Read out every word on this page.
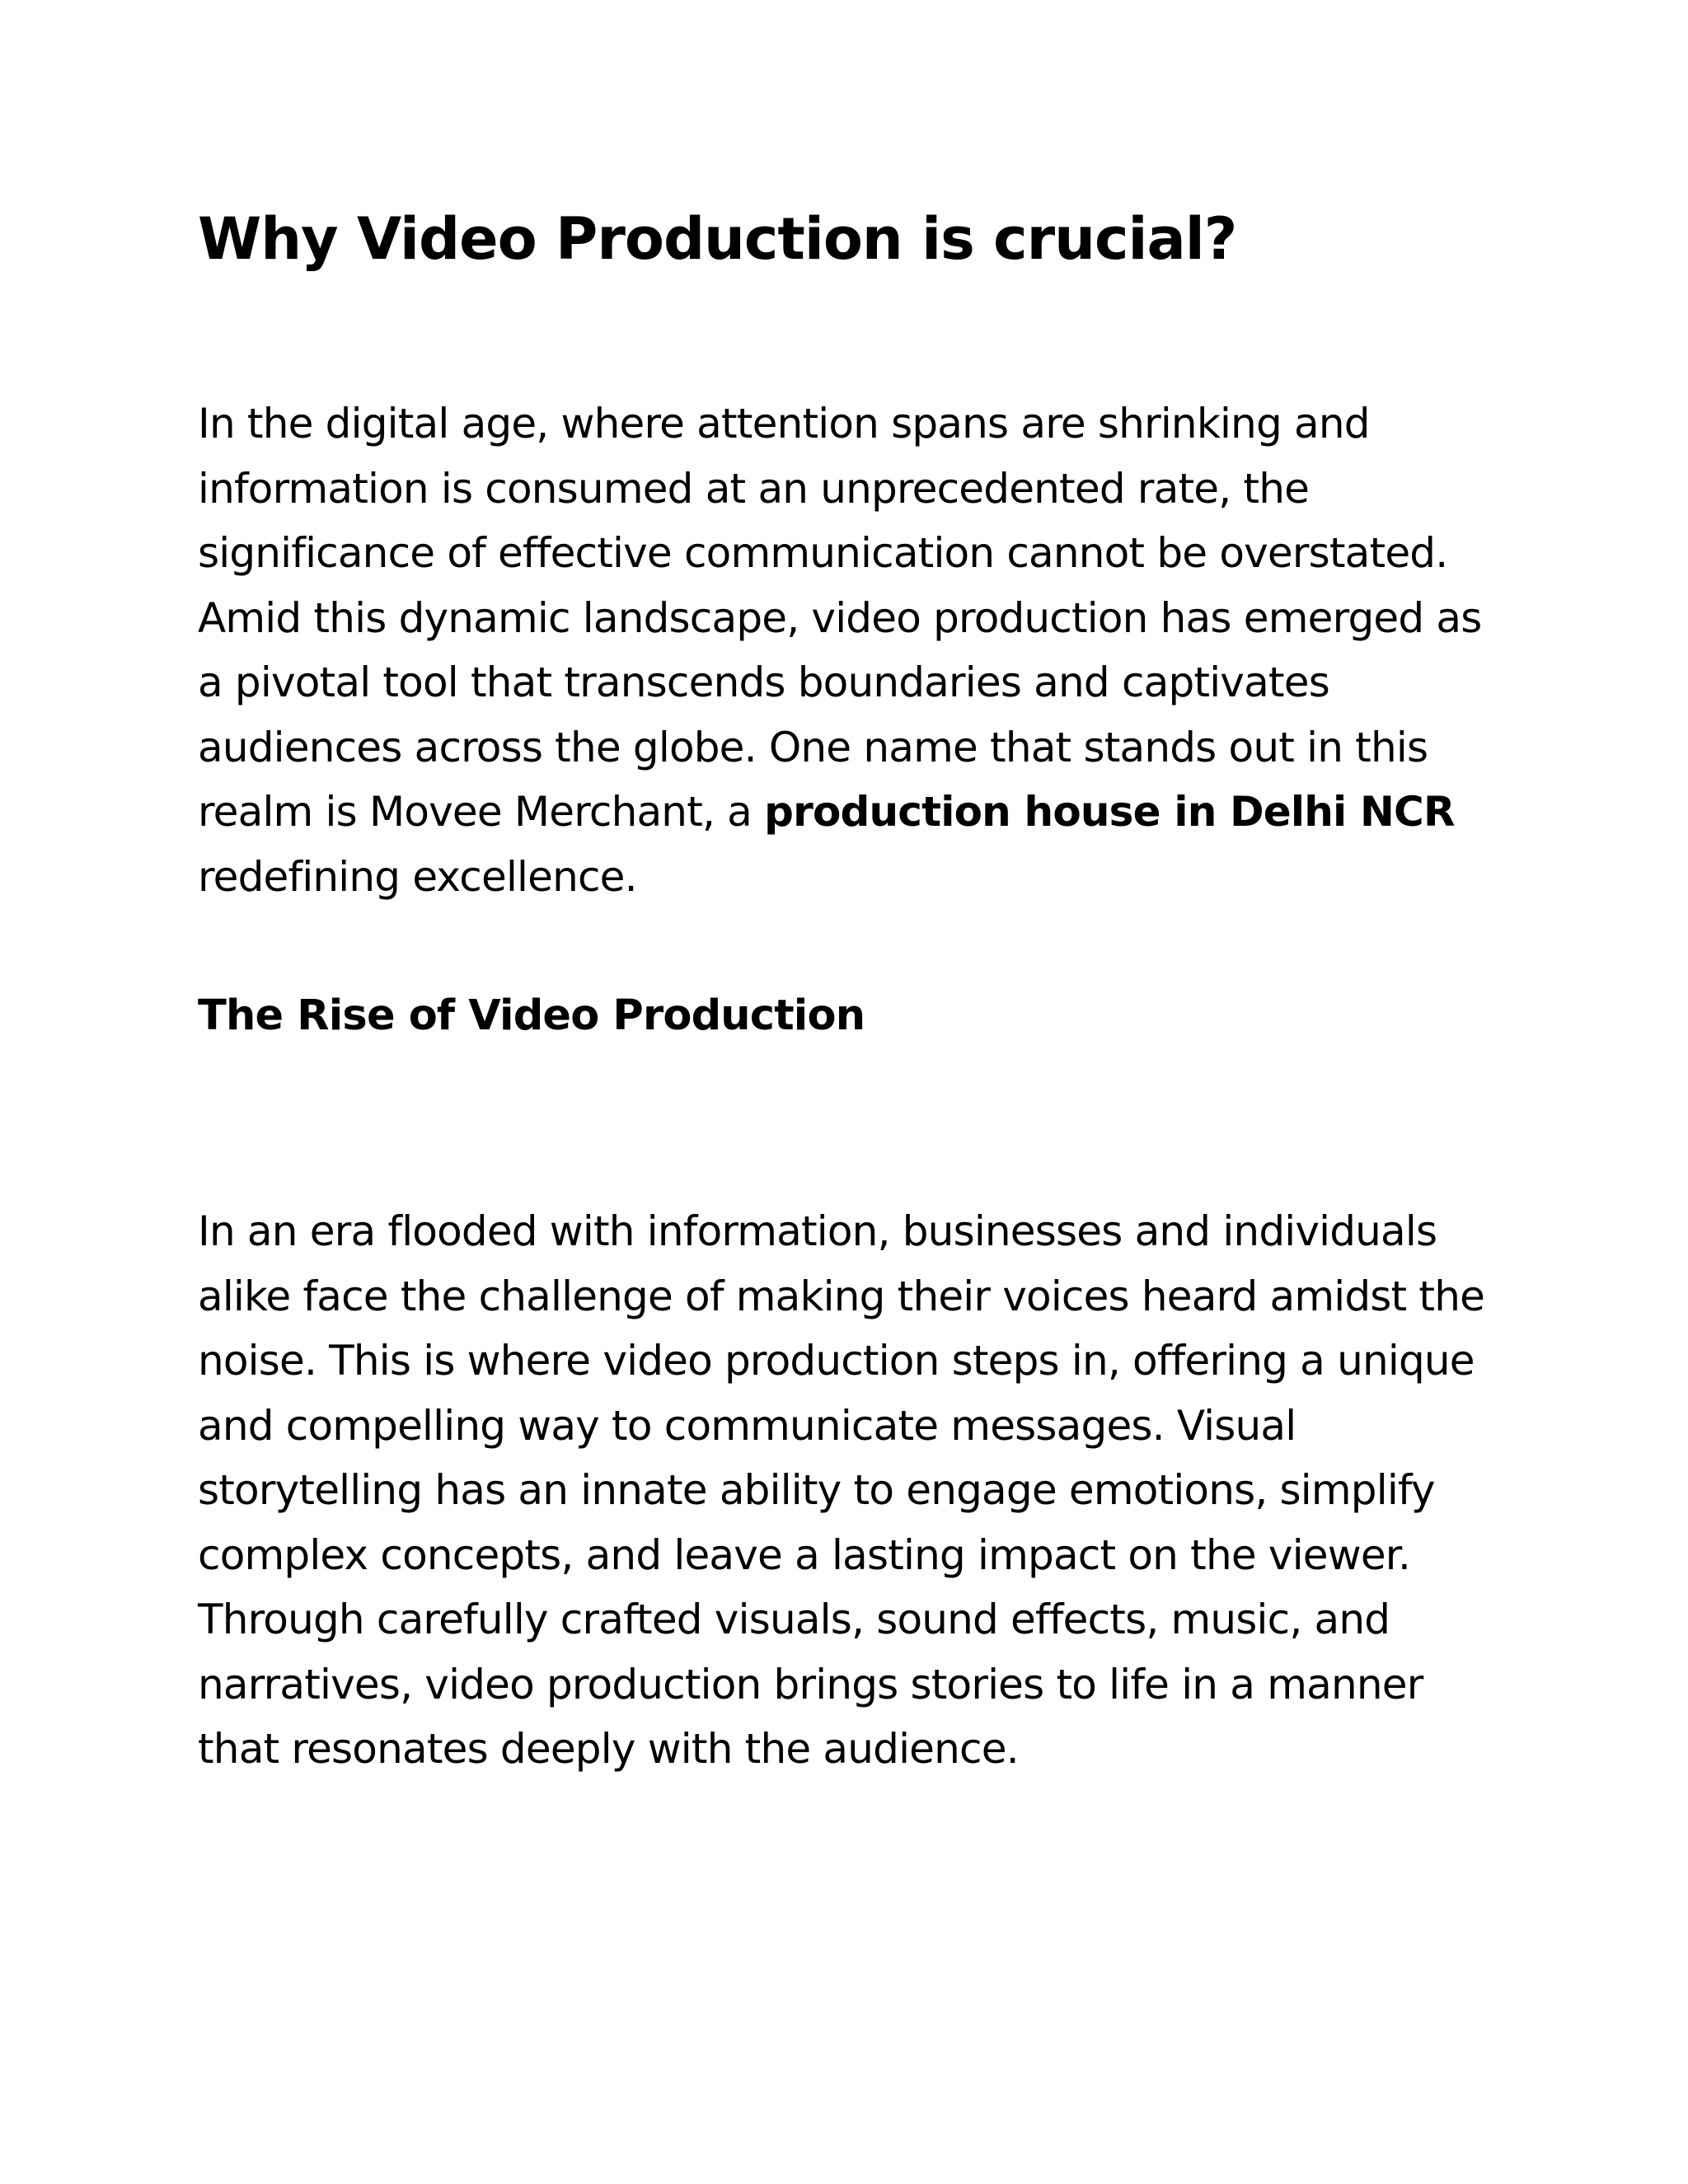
Why Video Production is crucial?

In the digital age, where attention spans are shrinking and
information is consumed at an unprecedented rate, the
significance of effective communication cannot be overstated.
Amid this dynamic landscape, video production has emerged as
a pivotal tool that transcends boundaries and captivates
audiences across the globe. One name that stands out in this
realm is Movee Merchant, a production house in Delhi NCR
redefining excellence.

The Rise of Video Production

In an era flooded with information, businesses and individuals
alike face the challenge of making their voices heard amidst the
noise. This is where video production steps in, offering a unique
and compelling way to communicate messages. Visual
storytelling has an innate ability to engage emotions, simplify
complex concepts, and leave a lasting impact on the viewer.
Through carefully crafted visuals, sound effects, music, and
narratives, video production brings stories to life in a manner
that resonates deeply with the audience.
